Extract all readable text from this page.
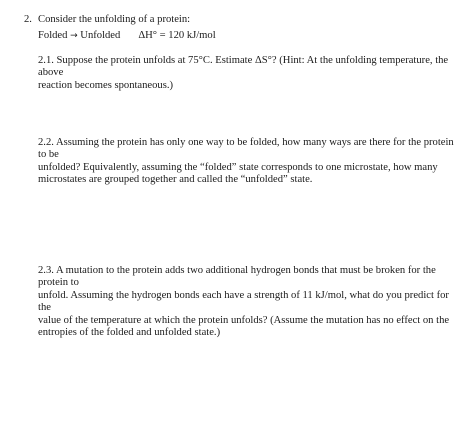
2. Consider the unfolding of a protein:
Folded → Unfolded ΔH° = 120 kJ/mol
2.1. Suppose the protein unfolds at 75°C. Estimate ΔS°? (Hint: At the unfolding temperature, the above
reaction becomes spontaneous.)
2.2. Assuming the protein has only one way to be folded, how many ways are there for the protein to be
unfolded? Equivalently, assuming the “folded” state corresponds to one microstate, how many
microstates are grouped together and called the “unfolded” state.
2.3. A mutation to the protein adds two additional hydrogen bonds that must be broken for the protein to
unfold. Assuming the hydrogen bonds each have a strength of 11 kJ/mol, what do you predict for the
value of the temperature at which the protein unfolds? (Assume the mutation has no effect on the
entropies of the folded and unfolded state.)
